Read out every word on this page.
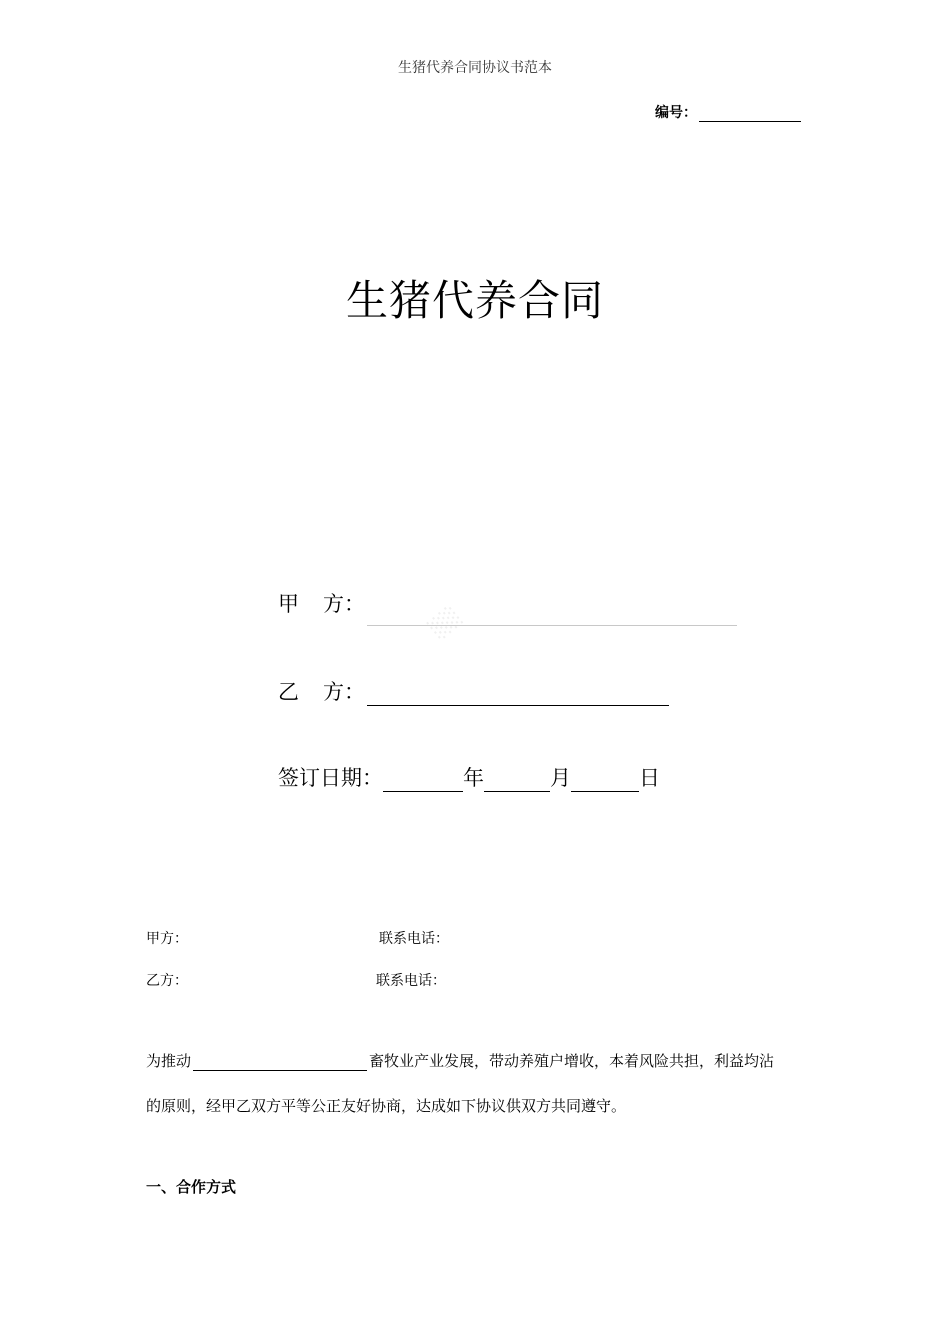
生猪代养合同协议书范本
编号：
生猪代养合同
░░
甲 方：
乙 方：
签订日期：	年	月	日
甲方：	联系电话：
乙方：	联系电话：
为推动	畜牧业产业发展，带动养殖户增收，本着风险共担，利益均沾
的原则，经甲乙双方平等公正友好协商，达成如下协议供双方共同遵守。
一、合作方式
